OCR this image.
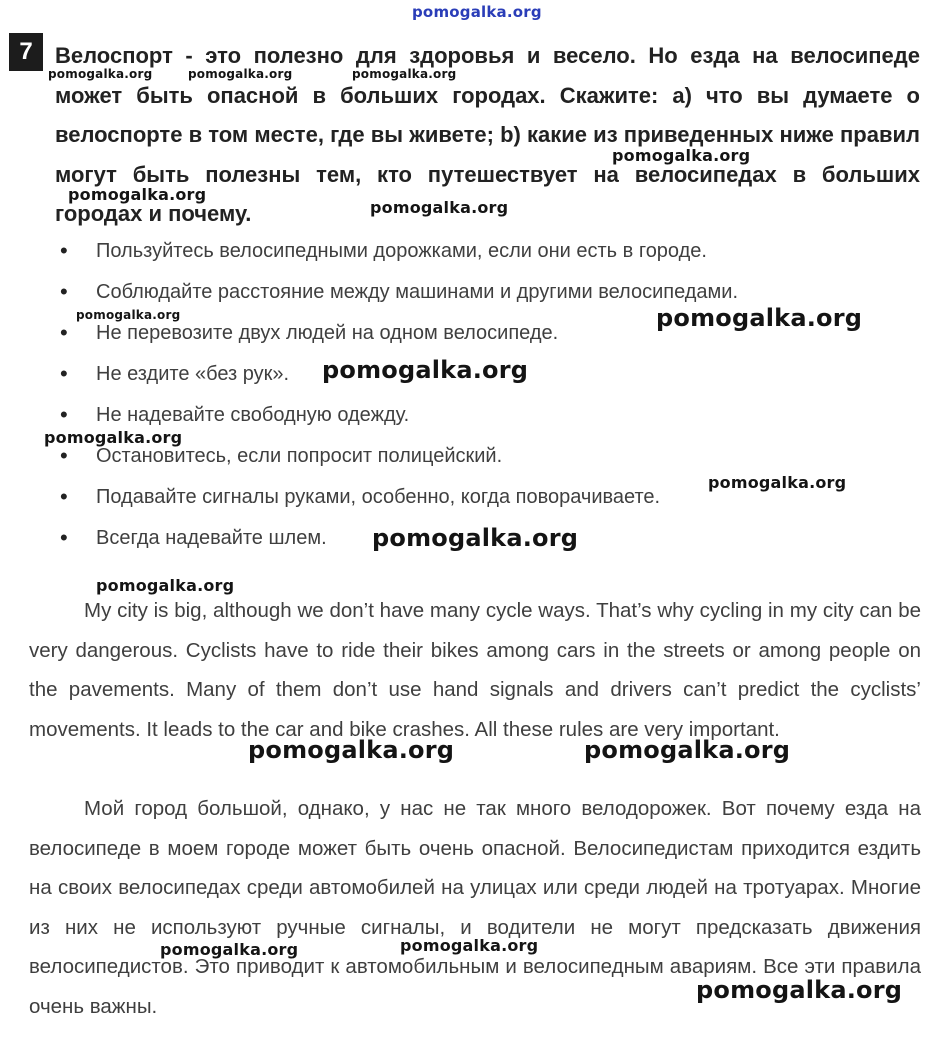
7 Велоспорт - это полезно для здоровья и весело. Но езда на велосипеде может быть опасной в больших городах. Скажите: a) что вы думаете о велоспорте в том месте, где вы живете; b) какие из приведенных ниже правил могут быть полезны тем, кто путешествует на велосипедах в больших городах и почему.

• Пользуйтесь велосипедными дорожками, если они есть в городе.
• Соблюдайте расстояние между машинами и другими велосипедами.
• Не перевозите двух людей на одном велосипеде.
• Не ездите «без рук».
• Не надевайте свободную одежду.
• Остановитесь, если попросит полицейский.
• Подавайте сигналы руками, особенно, когда поворачиваете.
• Всегда надевайте шлем.

My city is big, although we don’t have many cycle ways. That’s why cycling in my city can be very dangerous. Cyclists have to ride their bikes among cars in the streets or among people on the pavements. Many of them don’t use hand signals and drivers can’t predict the cyclists’ movements. It leads to the car and bike crashes. All these rules are very important.

Мой город большой, однако, у нас не так много велодорожек. Вот почему езда на велосипеде в моем городе может быть очень опасной. Велосипедистам приходится ездить на своих велосипедах среди автомобилей на улицах или среди людей на тротуарах. Многие из них не используют ручные сигналы, и водители не могут предсказать движения велосипедистов. Это приводит к автомобильным и велосипедным авариям. Все эти правила очень важны.

pomogalka.org
pomogalka.org	pomogalka.org	pomogalka.org
pomogalka.org
pomogalka.org
pomogalka.org
pomogalka.org	pomogalka.org
pomogalka.org
pomogalka.org
pomogalka.org
pomogalka.org
pomogalka.org
pomogalka.org	pomogalka.org
pomogalka.org	pomogalka.org
pomogalka.org
